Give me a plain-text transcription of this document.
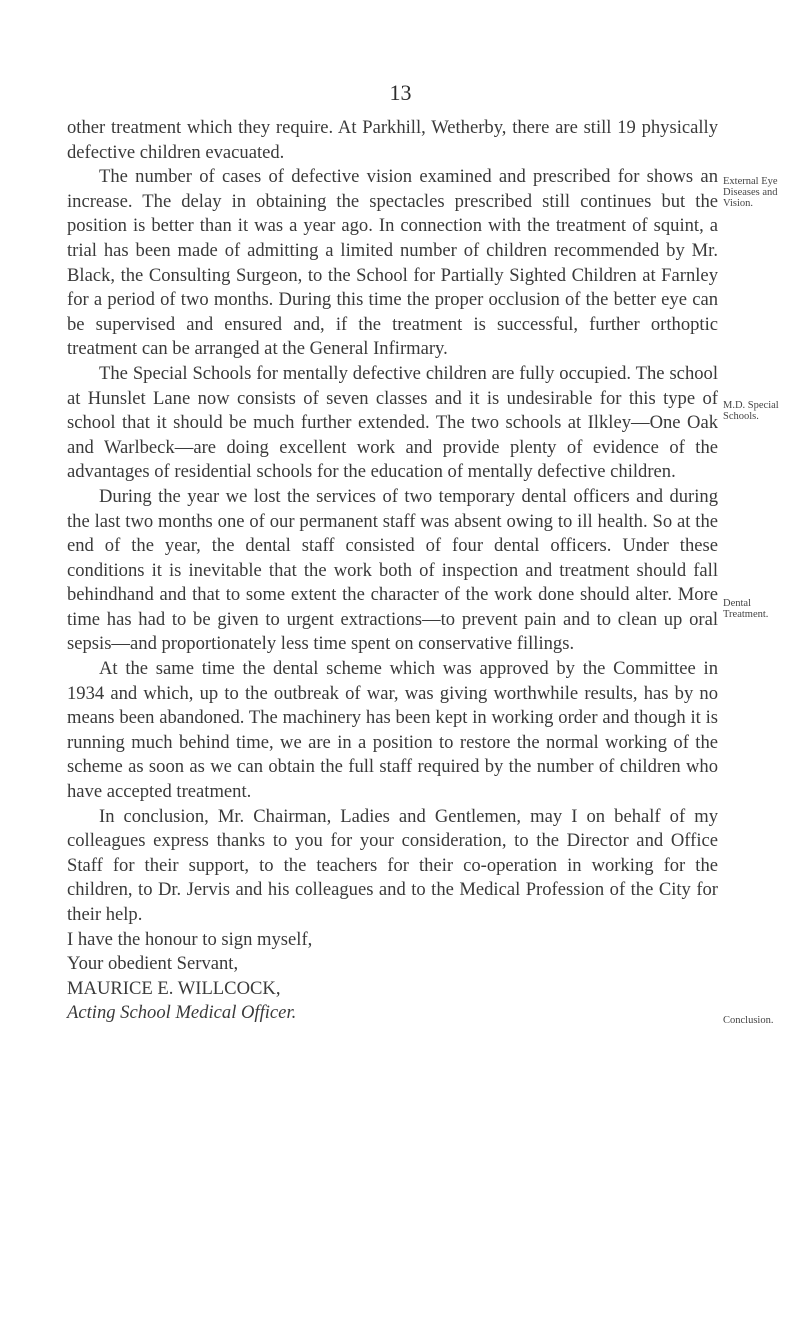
13
External Eye Diseases and Vision.
M.D. Special Schools.
Dental Treatment.
Conclusion.

other treatment which they require. At Parkhill, Wetherby, there are still 19 physically defective children evacuated.

The number of cases of defective vision examined and prescribed for shows an increase. The delay in obtaining the spectacles prescribed still continues but the position is better than it was a year ago. In connection with the treatment of squint, a trial has been made of admitting a limited number of children recommended by Mr. Black, the Consulting Surgeon, to the School for Partially Sighted Children at Farnley for a period of two months. During this time the proper occlusion of the better eye can be supervised and ensured and, if the treatment is successful, further orthoptic treatment can be arranged at the General Infirmary.

The Special Schools for mentally defective children are fully occupied. The school at Hunslet Lane now consists of seven classes and it is undesirable for this type of school that it should be much further extended. The two schools at Ilkley—One Oak and Warlbeck—are doing excellent work and provide plenty of evidence of the advantages of residential schools for the education of mentally defective children.

During the year we lost the services of two temporary dental officers and during the last two months one of our permanent staff was absent owing to ill health. So at the end of the year, the dental staff consisted of four dental officers. Under these conditions it is inevitable that the work both of inspection and treatment should fall behindhand and that to some extent the character of the work done should alter. More time has had to be given to urgent extractions—to prevent pain and to clean up oral sepsis—and proportionately less time spent on conservative fillings.

At the same time the dental scheme which was approved by the Committee in 1934 and which, up to the outbreak of war, was giving worthwhile results, has by no means been abandoned. The machinery has been kept in working order and though it is running much behind time, we are in a position to restore the normal working of the scheme as soon as we can obtain the full staff required by the number of children who have accepted treatment.

In conclusion, Mr. Chairman, Ladies and Gentlemen, may I on behalf of my colleagues express thanks to you for your consideration, to the Director and Office Staff for their support, to the teachers for their co-operation in working for the children, to Dr. Jervis and his colleagues and to the Medical Profession of the City for their help.

I have the honour to sign myself,

Your obedient Servant,

MAURICE E. WILLCOCK,

Acting School Medical Officer.
